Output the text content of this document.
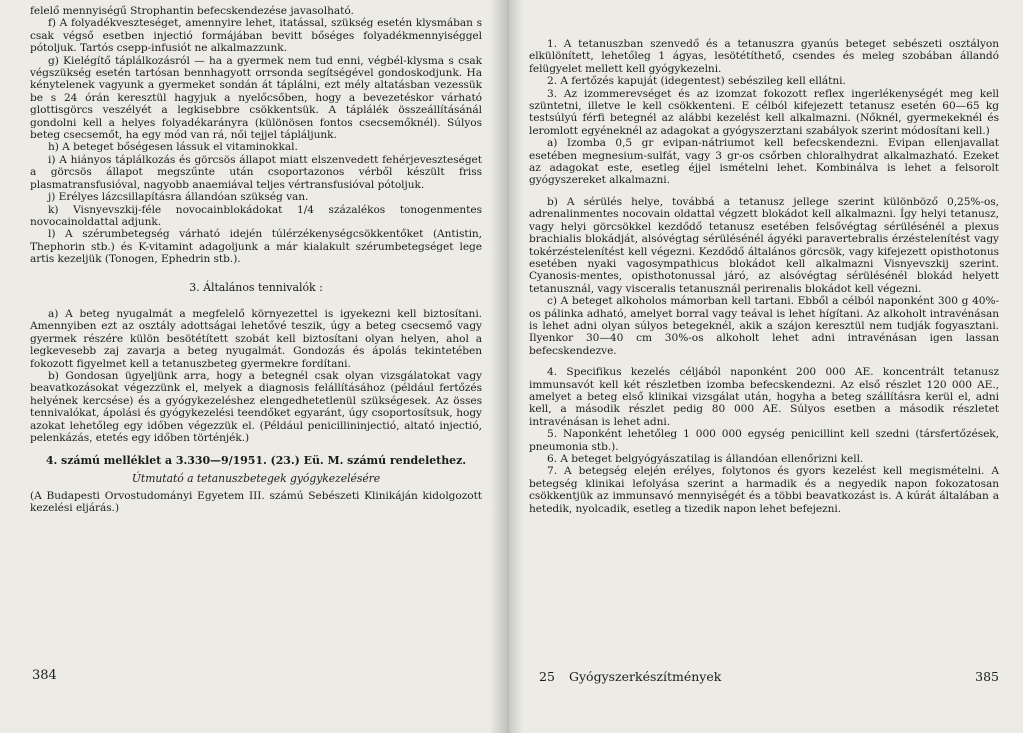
felelő mennyiségű Strophantin befecskendezése javasolható.

f) A folyadékveszteséget, amennyire lehet, itatással, szükség esetén klysmában s csak végső esetben injectió formájában bevitt bőséges folyadékmennyiséggel pótoljuk. Tartós csepp-infusiót ne alkalmazzunk.

g) Kielégítő táplálkozásról — ha a gyermek nem tud enni, végbél-klysma s csak végszükség esetén tartósan bennhagyott orrsonda segítségével gondoskodjunk. Ha kénytelenek vagyunk a gyermeket sondán át táplálni, ezt mély altatásban vezessük be s 24 órán keresztül hagyjuk a nyelőcsőben, hogy a bevezetéskor várható glottisgörcs veszélyét a legkisebbre csökkentsük. A táplálék összeállításánál gondolni kell a helyes folyadékarányra (különösen fontos csecsemőknél). Súlyos beteg csecsemőt, ha egy mód van rá, női tejjel tápláljunk.

h) A beteget bőségesen lássuk el vitaminokkal.

i) A hiányos táplálkozás és görcsös állapot miatt elszenvedett fehérjeveszteséget a görcsös állapot megszűnte után csoportazonos vérből készült friss plasmatransfusióval, nagyobb anaemiával teljes vértransfusióval pótoljuk.

j) Erélyes lázcsillapításra állandóan szükség van.

k) Visnyevszkij-féle novocainblokádokat 1/4 százalékos tonogenmentes novocainoldattal adjunk.

l) A szérumbetegség várható idején túlérzékenységcsökkentőket (Antistin, Thephorin stb.) és K-vitamint adagoljunk a már kialakult szérumbetegséget lege artis kezeljük (Tonogen, Ephedrin stb.).

3. Általános tennivalók :

a) A beteg nyugalmát a megfelelő környezettel is igyekezni kell biztosítani. Amennyiben ezt az osztály adottságai lehetővé teszik, úgy a beteg csecsemő vagy gyermek részére külön besötétített szobát kell biztosítani olyan helyen, ahol a legkevesebb zaj zavarja a beteg nyugalmát. Gondozás és ápolás tekintetében fokozott figyelmet kell a tetanuszbeteg gyermekre fordítani.

b) Gondosan ügyeljünk arra, hogy a betegnél csak olyan vizsgálatokat vagy beavatkozásokat végezzünk el, melyek a diagnosis felállításához (például fertőzés helyének kercsése) és a gyógykezeléshez elengedhetetlenül szükségesek. Az össes tennivalókat, ápolási és gyógykezelési teendőket egyaránt, úgy csoportosítsuk, hogy azokat lehetőleg egy időben végezzük el. (Például penicillininjectió, altató injectió, pelenkázás, etetés egy időben történjék.)

4. számú melléklet a 3.330—9/1951. (23.) Eü. M. számú rendelethez.

Útmutató a tetanuszbetegek gyógykezelésére

(A Budapesti Orvostudományi Egyetem III. számú Sebészeti Klinikáján kidolgozott kezelési eljárás.)

384

1. A tetanuszban szenvedő és a tetanuszra gyanús beteget sebészeti osztályon elkülönített, lehetőleg 1 ágyas, lesötétíthető, csendes és meleg szobában állandó felügyelet mellett kell gyógykezelni.

2. A fertőzés kapuját (idegentest) sebészileg kell ellátni.

3. Az izommerevséget és az izomzat fokozott reflex ingerlékenységét meg kell szüntetni, illetve le kell csökkenteni. E célból kifejezett tetanusz esetén 60—65 kg testsúlyú férfi betegnél az alábbi kezelést kell alkalmazni. (Nőknél, gyermekeknél és leromlott egyéneknél az adagokat a gyógyszerztani szabályok szerint módosítani kell.)

a) Izomba 0,5 gr evipan-nátriumot kell befecskendezni. Evipan ellenjavallat esetében megnesium-sulfát, vagy 3 gr-os csőrben chloralhydrat alkalmazható. Ezeket az adagokat este, esetleg éjjel ismételni lehet. Kombinálva is lehet a felsorolt gyógyszereket alkalmazni.

b) A sérülés helye, továbbá a tetanusz jellege szerint különböző 0,25%-os, adrenalinmentes nocovain oldattal végzett blokádot kell alkalmazni. Így helyi tetanusz, vagy helyi görcsökkel kezdődő tetanusz esetében felsővégtag sérülésénél a plexus brachialis blokádját, alsóvégtag sérülésénél ágyéki paravertebralis érzéstelenítést vagy tokérzéstelenítést kell végezni. Kezdődő általános görcsök, vagy kifejezett opisthotonus esetében nyaki vagosympathicus blokádot kell alkalmazni Visnyevszkij szerint. Cyanosis-mentes, opisthotonussal járó, az alsóvégtag sérülésénél blokád helyett tetanusznál, vagy visceralis tetanusznál perirenalis blokádot kell végezni.

c) A beteget alkoholos mámorban kell tartani. Ebből a célból naponként 300 g 40%-os pálinka adható, amelyet borral vagy teával is lehet hígítani. Az alkoholt intravénásan is lehet adni olyan súlyos betegeknél, akik a szájon keresztül nem tudják fogyasztani. Ilyenkor 30—40 cm 30%-os alkoholt lehet adni intravénásan igen lassan befecskendezve.

4. Specifikus kezelés céljából naponként 200 000 AE. koncentrált tetanusz immunsavót kell két részletben izomba befecskendezni. Az első részlet 120 000 AE., amelyet a beteg első klinikai vizsgálat után, hogyha a beteg szállításra kerül el, adni kell, a második részlet pedig 80 000 AE. Súlyos esetben a második részletet intravénásan is lehet adni.

5. Naponként lehetőleg 1 000 000 egység penicillint kell szedni (társfertőzések, pneumonia stb.).

6. A beteget belgyógyászatilag is állandóan ellenőrizni kell.

7. A betegség elején erélyes, folytonos és gyors kezelést kell megismételni. A betegség klinikai lefolyása szerint a harmadik és a negyedik napon fokozatosan csökkentjük az immunsavó mennyiségét és a többi beavatkozást is. A kúrát általában a hetedik, nyolcadik, esetleg a tizedik napon lehet befejezni.

25 Gyógyszerkészítmények	385
